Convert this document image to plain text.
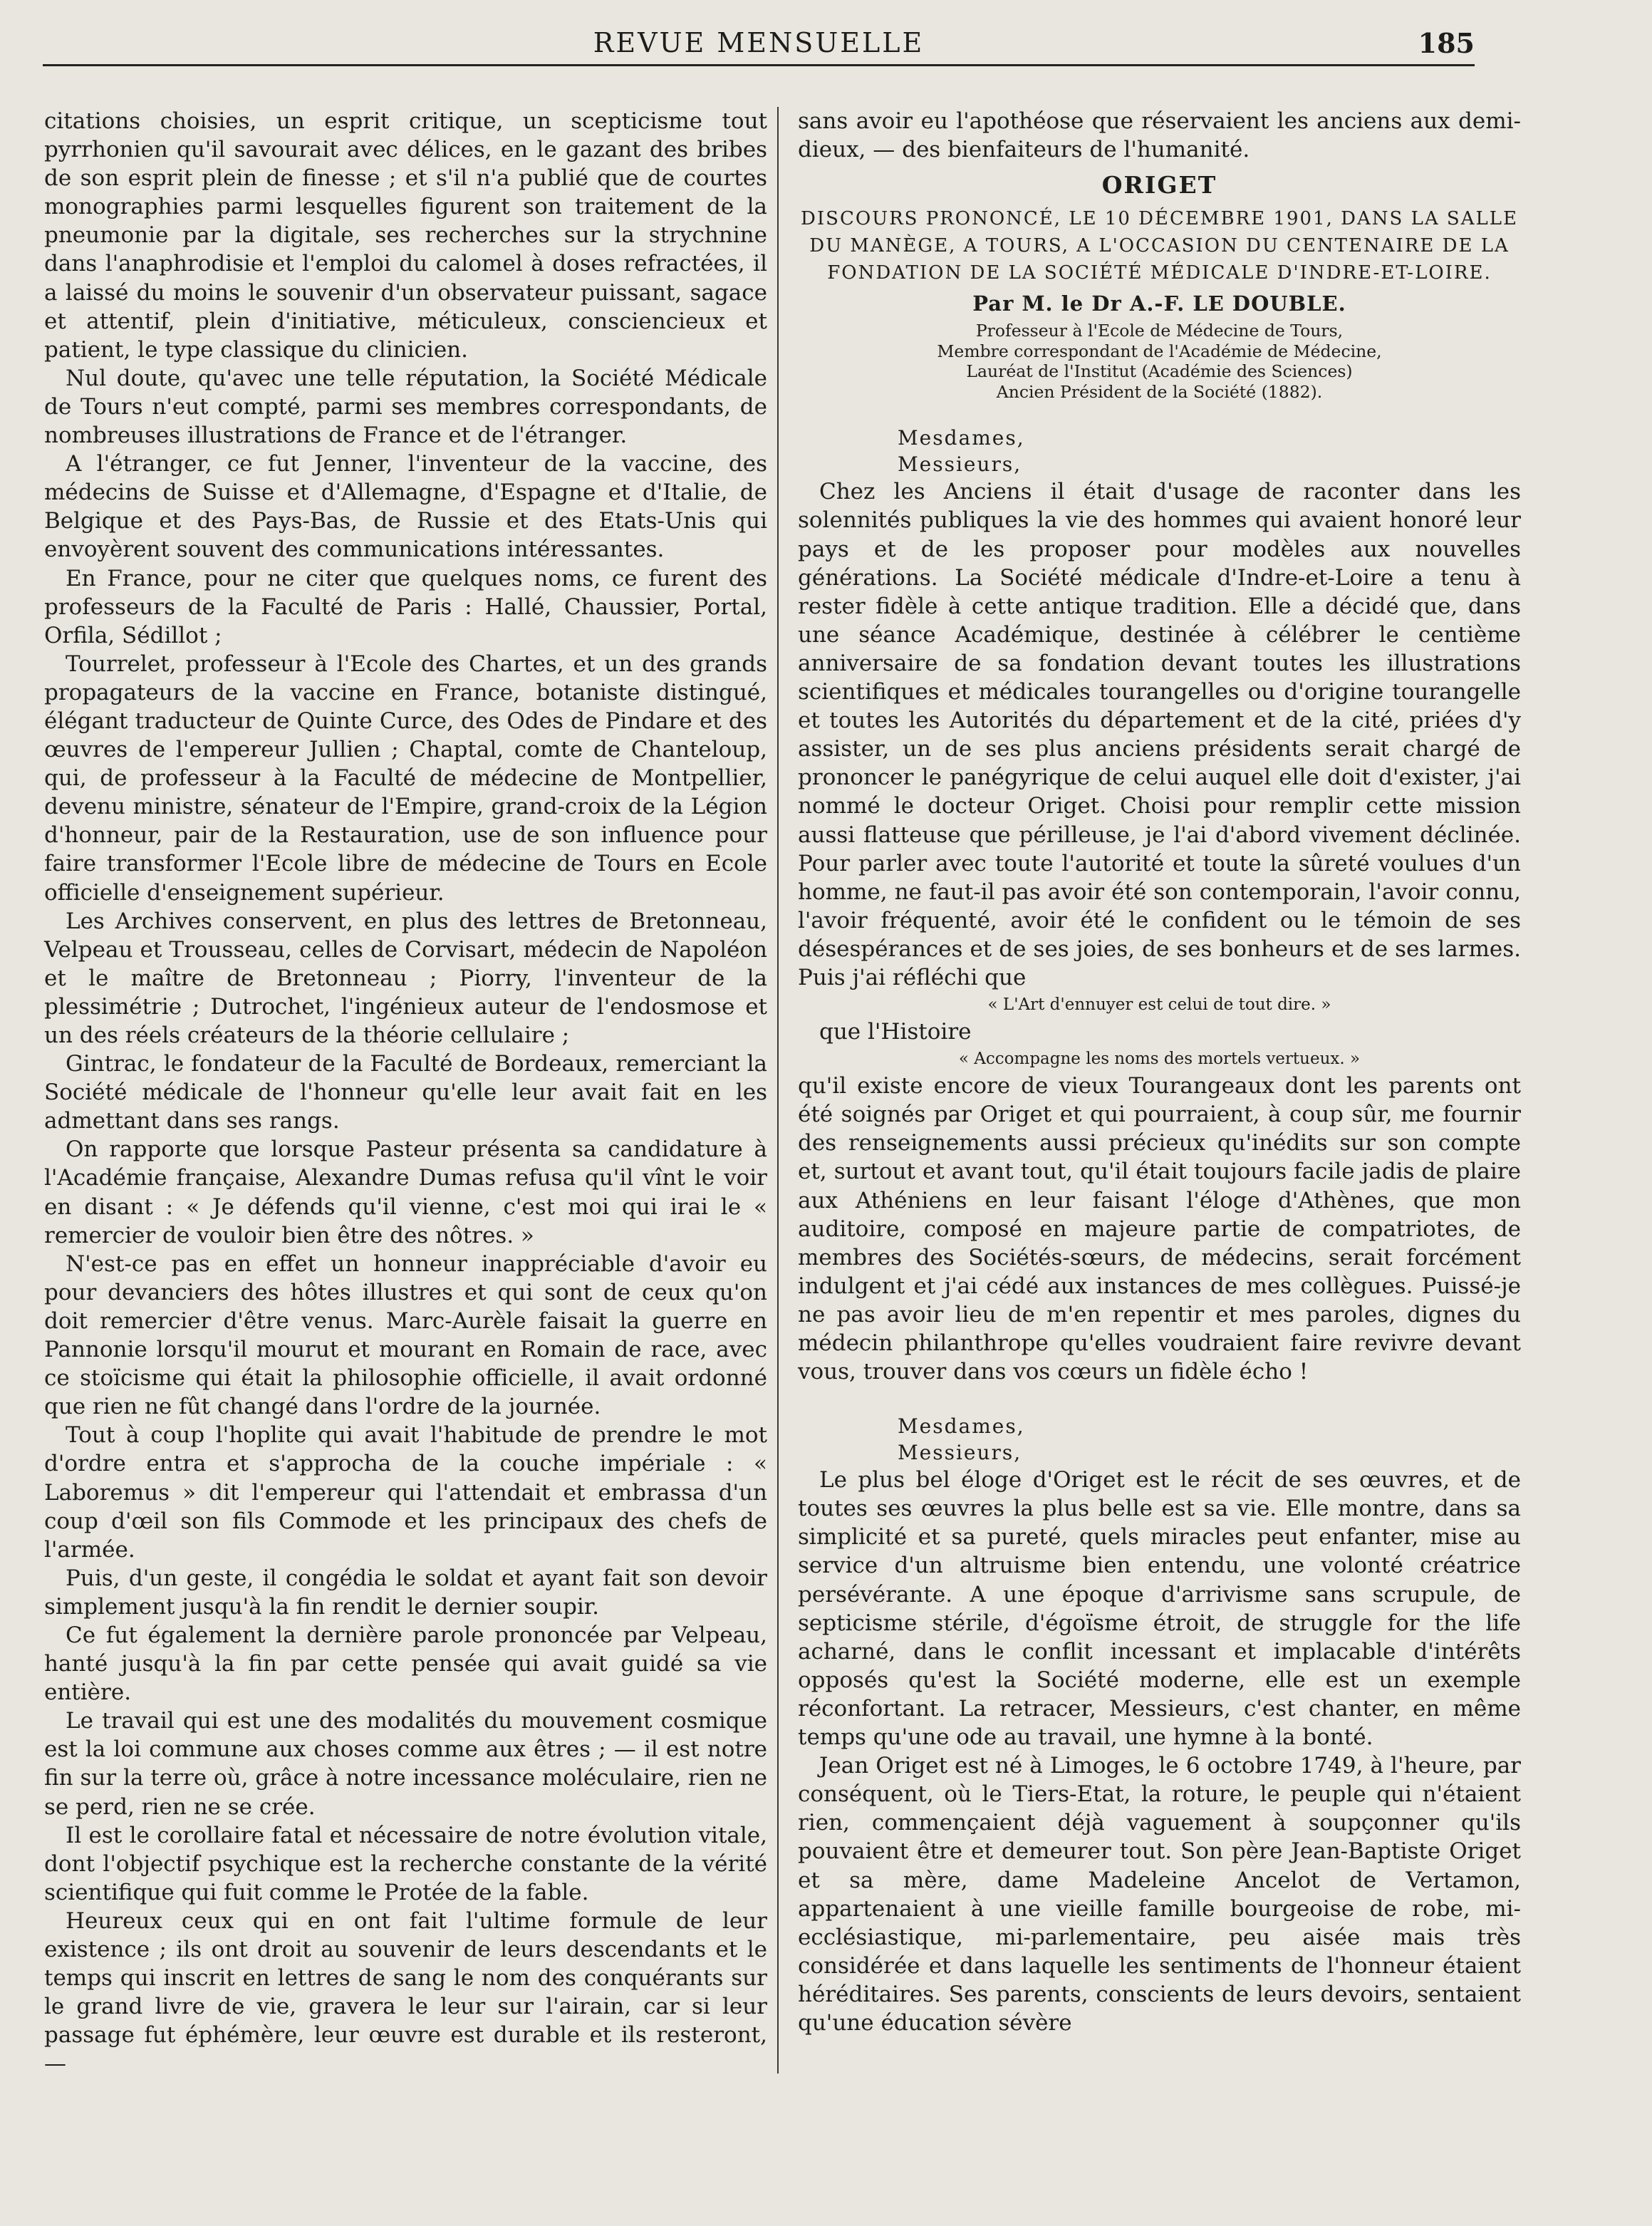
REVUE MENSUELLE	185

citations choisies, un esprit critique, un scepticisme tout pyrrhonien qu'il savourait avec délices, en le gazant des bribes de son esprit plein de finesse ; et s'il n'a publié que de courtes monographies parmi lesquelles figurent son traitement de la pneumonie par la digitale, ses recherches sur la strychnine dans l'anaphrodisie et l'emploi du calomel à doses refractées, il a laissé du moins le souvenir d'un observateur puissant, sagace et attentif, plein d'initiative, méticuleux, consciencieux et patient, le type classique du clinicien.

Nul doute, qu'avec une telle réputation, la Société Médicale de Tours n'eut compté, parmi ses membres correspondants, de nombreuses illustrations de France et de l'étranger.

A l'étranger, ce fut Jenner, l'inventeur de la vaccine, des médecins de Suisse et d'Allemagne, d'Espagne et d'Italie, de Belgique et des Pays-Bas, de Russie et des Etats-Unis qui envoyèrent souvent des communications intéressantes.

En France, pour ne citer que quelques noms, ce furent des professeurs de la Faculté de Paris : Hallé, Chaussier, Portal, Orfila, Sédillot ;

Tourrelet, professeur à l'Ecole des Chartes, et un des grands propagateurs de la vaccine en France, botaniste distingué, élégant traducteur de Quinte Curce, des Odes de Pindare et des œuvres de l'empereur Jullien ; Chaptal, comte de Chanteloup, qui, de professeur à la Faculté de médecine de Montpellier, devenu ministre, sénateur de l'Empire, grand-croix de la Légion d'honneur, pair de la Restauration, use de son influence pour faire transformer l'Ecole libre de médecine de Tours en Ecole officielle d'enseignement supérieur.

Les Archives conservent, en plus des lettres de Bretonneau, Velpeau et Trousseau, celles de Corvisart, médecin de Napoléon et le maître de Bretonneau ; Piorry, l'inventeur de la plessimétrie ; Dutrochet, l'ingénieux auteur de l'endosmose et un des réels créateurs de la théorie cellulaire ;

Gintrac, le fondateur de la Faculté de Bordeaux, remerciant la Société médicale de l'honneur qu'elle leur avait fait en les admettant dans ses rangs.

On rapporte que lorsque Pasteur présenta sa candidature à l'Académie française, Alexandre Dumas refusa qu'il vînt le voir en disant : « Je défends qu'il vienne, c'est moi qui irai le « remercier de vouloir bien être des nôtres. »

N'est-ce pas en effet un honneur inappréciable d'avoir eu pour devanciers des hôtes illustres et qui sont de ceux qu'on doit remercier d'être venus. Marc-Aurèle faisait la guerre en Pannonie lorsqu'il mourut et mourant en Romain de race, avec ce stoïcisme qui était la philosophie officielle, il avait ordonné que rien ne fût changé dans l'ordre de la journée.

Tout à coup l'hoplite qui avait l'habitude de prendre le mot d'ordre entra et s'approcha de la couche impériale : « Laboremus » dit l'empereur qui l'attendait et embrassa d'un coup d'œil son fils Commode et les principaux des chefs de l'armée.

Puis, d'un geste, il congédia le soldat et ayant fait son devoir simplement jusqu'à la fin rendit le dernier soupir.

Ce fut également la dernière parole prononcée par Velpeau, hanté jusqu'à la fin par cette pensée qui avait guidé sa vie entière.

Le travail qui est une des modalités du mouvement cosmique est la loi commune aux choses comme aux êtres ; — il est notre fin sur la terre où, grâce à notre incessance moléculaire, rien ne se perd, rien ne se crée.

Il est le corollaire fatal et nécessaire de notre évolution vitale, dont l'objectif psychique est la recherche constante de la vérité scientifique qui fuit comme le Protée de la fable.

Heureux ceux qui en ont fait l'ultime formule de leur existence ; ils ont droit au souvenir de leurs descendants et le temps qui inscrit en lettres de sang le nom des conquérants sur le grand livre de vie, gravera le leur sur l'airain, car si leur passage fut éphémère, leur œuvre est durable et ils resteront, —

sans avoir eu l'apothéose que réservaient les anciens aux demi-dieux, — des bienfaiteurs de l'humanité.

ORIGET
DISCOURS PRONONCÉ, LE 10 DÉCEMBRE 1901, DANS LA SALLE DU MANÈGE, A TOURS, A L'OCCASION DU CENTENAIRE DE LA FONDATION DE LA SOCIÉTÉ MÉDICALE D'INDRE-ET-LOIRE.
Par M. le Dr A.-F. LE DOUBLE.
Professeur à l'Ecole de Médecine de Tours,
Membre correspondant de l'Académie de Médecine,
Lauréat de l'Institut (Académie des Sciences)
Ancien Président de la Société (1882).
Mesdames,
Messieurs,

Chez les Anciens il était d'usage de raconter dans les solennités publiques la vie des hommes qui avaient honoré leur pays et de les proposer pour modèles aux nouvelles générations. La Société médicale d'Indre-et-Loire a tenu à rester fidèle à cette antique tradition. Elle a décidé que, dans une séance Académique, destinée à célébrer le centième anniversaire de sa fondation devant toutes les illustrations scientifiques et médicales tourangelles ou d'origine tourangelle et toutes les Autorités du département et de la cité, priées d'y assister, un de ses plus anciens présidents serait chargé de prononcer le panégyrique de celui auquel elle doit d'exister, j'ai nommé le docteur Origet. Choisi pour remplir cette mission aussi flatteuse que périlleuse, je l'ai d'abord vivement déclinée. Pour parler avec toute l'autorité et toute la sûreté voulues d'un homme, ne faut-il pas avoir été son contemporain, l'avoir connu, l'avoir fréquenté, avoir été le confident ou le témoin de ses désespérances et de ses joies, de ses bonheurs et de ses larmes. Puis j'ai réfléchi que

« L'Art d'ennuyer est celui de tout dire. »

que l'Histoire

« Accompagne les noms des mortels vertueux. »

qu'il existe encore de vieux Tourangeaux dont les parents ont été soignés par Origet et qui pourraient, à coup sûr, me fournir des renseignements aussi précieux qu'inédits sur son compte et, surtout et avant tout, qu'il était toujours facile jadis de plaire aux Athéniens en leur faisant l'éloge d'Athènes, que mon auditoire, composé en majeure partie de compatriotes, de membres des Sociétés-sœurs, de médecins, serait forcément indulgent et j'ai cédé aux instances de mes collègues. Puissé-je ne pas avoir lieu de m'en repentir et mes paroles, dignes du médecin philanthrope qu'elles voudraient faire revivre devant vous, trouver dans vos cœurs un fidèle écho !

Mesdames,
Messieurs,

Le plus bel éloge d'Origet est le récit de ses œuvres, et de toutes ses œuvres la plus belle est sa vie. Elle montre, dans sa simplicité et sa pureté, quels miracles peut enfanter, mise au service d'un altruisme bien entendu, une volonté créatrice persévérante. A une époque d'arrivisme sans scrupule, de septicisme stérile, d'égoïsme étroit, de struggle for the life acharné, dans le conflit incessant et implacable d'intérêts opposés qu'est la Société moderne, elle est un exemple réconfortant. La retracer, Messieurs, c'est chanter, en même temps qu'une ode au travail, une hymne à la bonté.

Jean Origet est né à Limoges, le 6 octobre 1749, à l'heure, par conséquent, où le Tiers-Etat, la roture, le peuple qui n'étaient rien, commençaient déjà vaguement à soupçonner qu'ils pouvaient être et demeurer tout. Son père Jean-Baptiste Origet et sa mère, dame Madeleine Ancelot de Vertamon, appartenaient à une vieille famille bourgeoise de robe, mi-ecclésiastique, mi-parlementaire, peu aisée mais très considérée et dans laquelle les sentiments de l'honneur étaient héréditaires. Ses parents, conscients de leurs devoirs, sentaient qu'une éducation sévère
